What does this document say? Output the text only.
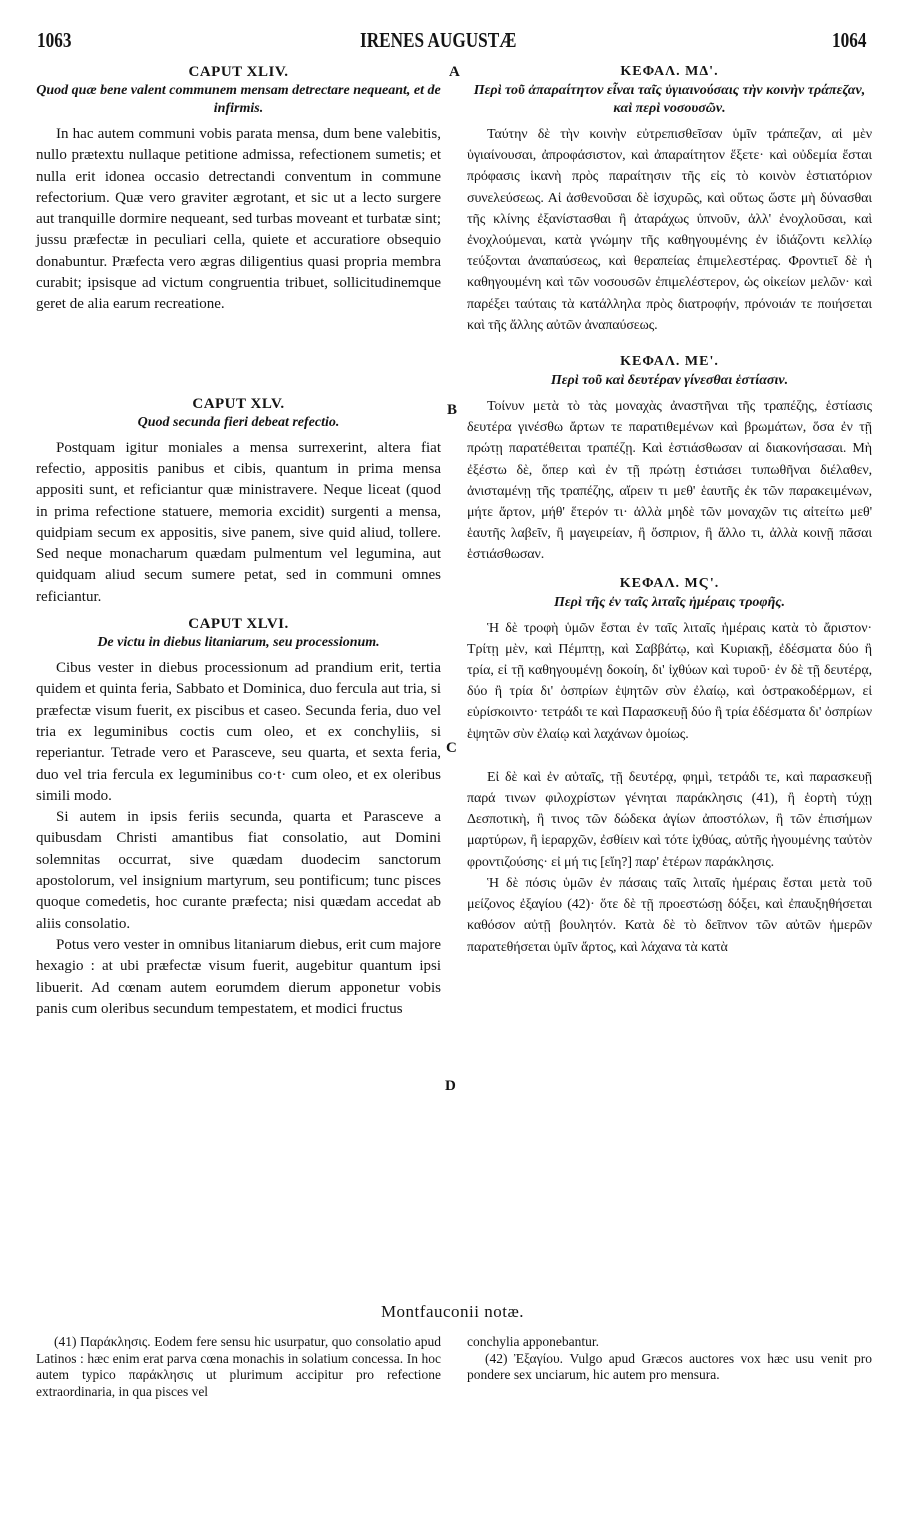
1063	IRENES AUGUSTÆ	1064

CAPUT XLIV.

Quod quæ bene valent communem mensam detrectare nequeant, et de infirmis.

In hac autem communi vobis parata mensa, dum bene valebitis, nullo prætextu nullaque petitione admissa, refectionem sumetis; et nulla erit idonea occasio detrectandi conventum in commune refectorium. Quæ vero graviter ægrotant, et sic ut a lecto surgere aut tranquille dormire nequeant, sed turbas moveant et turbatæ sint; jussu præfectæ in peculiari cella, quiete et accuratiore obsequio donabuntur. Præfecta vero ægras diligentius quasi propria membra curabit; ipsisque ad victum congruentia tribuet, sollicitudinemque geret de alia earum recreatione.

CAPUT XLV.

Quod secunda fieri debeat refectio.

Postquam igitur moniales a mensa surrexerint, altera fiat refectio, appositis panibus et cibis, quantum in prima mensa appositi sunt, et reficiantur quæ ministravere. Neque liceat (quod in prima refectione statuere, memoria excidit) surgenti a mensa, quidpiam secum ex appositis, sive panem, sive quid aliud, tollere. Sed neque monacharum quædam pulmentum vel legumina, aut quidquam aliud secum sumere petat, sed in communi omnes reficiantur.

CAPUT XLVI.

De victu in diebus litaniarum, seu processionum.

Cibus vester in diebus processionum ad prandium erit, tertia quidem et quinta feria, Sabbato et Dominica, duo fercula aut tria, si præfectæ visum fuerit, ex piscibus et caseo. Secunda feria, duo vel tria ex leguminibus coctis cum oleo, et ex conchyliis, si reperiantur. Tetrade vero et Parasceve, seu quarta, et sexta feria, duo vel tria fercula ex leguminibus co·t· cum oleo, et ex oleribus simili modo.

Si autem in ipsis feriis secunda, quarta et Parasceve a quibusdam Christi amantibus fiat consolatio, aut Domini solemnitas occurrat, sive quædam duodecim sanctorum apostolorum, vel insignium martyrum, seu pontificum; tunc pisces quoque comedetis, hoc curante præfecta; nisi quædam accedat ab aliis consolatio.

Potus vero vester in omnibus litaniarum diebus, erit cum majore hexagio : at ubi præfectæ visum fuerit, augebitur quantum ipsi libuerit. Ad cœnam autem eorumdem dierum apponetur vobis panis cum oleribus secundum tempestatem, et modici fructus

ΚΕΦΑΛ. ΜΔ'.

Περὶ τοῦ ἀπαραίτητον εἶναι ταῖς ὑγιαινούσαις τὴν κοινὴν τράπεζαν, καὶ περὶ νοσουσῶν.

Ταύτην δὲ τὴν κοινὴν εὐτρεπισθεῖσαν ὑμῖν τράπεζαν, αἱ μὲν ὑγιαίνουσαι, ἀπροφάσιστον, καὶ ἀπαραίτητον ἕξετε· καὶ οὐδεμία ἔσται πρόφασις ἱκανὴ πρὸς παραίτησιν τῆς εἰς τὸ κοινὸν ἑστιατόριον συνελεύσεως. Αἱ ἀσθενοῦσαι δὲ ἰσχυρῶς, καὶ οὕτως ὥστε μὴ δύνασθαι τῆς κλίνης ἐξανίστασθαι ἢ ἀταράχως ὑπνοῦν, ἀλλ' ἐνοχλοῦσαι, καὶ ἐνοχλούμεναι, κατὰ γνώμην τῆς καθηγουμένης ἐν ἰδιάζοντι κελλίῳ τεύξονται ἀναπαύσεως, καὶ θεραπείας ἐπιμελεστέρας. Φροντιεῖ δὲ ἡ καθηγουμένη καὶ τῶν νοσουσῶν ἐπιμελέστερον, ὡς οἰκείων μελῶν· καὶ παρέξει ταύταις τὰ κατάλληλα πρὸς διατροφήν, πρόνοιάν τε ποιήσεται καὶ τῆς ἄλλης αὐτῶν ἀναπαύσεως.

ΚΕΦΑΛ. ΜΕ'.

Περὶ τοῦ καὶ δευτέραν γίνεσθαι ἑστίασιν.

Τοίνυν μετὰ τὸ τὰς μοναχὰς ἀναστῆναι τῆς τραπέζης, ἑστίασις δευτέρα γινέσθω ἄρτων τε παρατιθεμένων καὶ βρωμάτων, ὅσα ἐν τῇ πρώτῃ παρατέθειται τραπέζῃ. Καὶ ἑστιάσθωσαν αἱ διακονήσασαι. Μὴ ἐξέστω δὲ, ὅπερ καὶ ἐν τῇ πρώτῃ ἑστιάσει τυπωθῆναι διέλαθεν, ἀνισταμένῃ τῆς τραπέζης, αἴρειν τι μεθ' ἑαυτῆς ἐκ τῶν παρακειμένων, μήτε ἄρτον, μήθ' ἕτερόν τι· ἀλλὰ μηδὲ τῶν μοναχῶν τις αἰτείτω μεθ' ἑαυτῆς λαβεῖν, ἢ μαγειρείαν, ἢ ὄσπριον, ἢ ἄλλο τι, ἀλλὰ κοινῇ πᾶσαι ἑστιάσθωσαν.

ΚΕΦΑΛ. ΜϚ'.

Περὶ τῆς ἐν ταῖς λιταῖς ἡμέραις τροφῆς.

Ἡ δὲ τροφὴ ὑμῶν ἔσται ἐν ταῖς λιταῖς ἡμέραις κατὰ τὸ ἄριστον· Τρίτῃ μὲν, καὶ Πέμπτῃ, καὶ Σαββάτῳ, καὶ Κυριακῇ, ἐδέσματα δύο ἢ τρία, εἰ τῇ καθηγουμένῃ δοκοίη, δι' ἰχθύων καὶ τυροῦ· ἐν δὲ τῇ δευτέρᾳ, δύο ἢ τρία δι' ὀσπρίων ἑψητῶν σὺν ἐλαίῳ, καὶ ὀστρακοδέρμων, εἰ εὑρίσκοιντο· τετράδι τε καὶ Παρασκευῇ δύο ἢ τρία ἐδέσματα δι' ὀσπρίων ἑψητῶν σὺν ἐλαίῳ καὶ λαχάνων ὁμοίως.

Εἰ δὲ καὶ ἐν αὐταῖς, τῇ δευτέρᾳ, φημὶ, τετράδι τε, καὶ παρασκευῇ παρά τινων φιλοχρίστων γένηται παράκλησις (41), ἢ ἑορτὴ τύχῃ Δεσποτικὴ, ἢ τινος τῶν δώδεκα ἁγίων ἀποστόλων, ἢ τῶν ἐπισήμων μαρτύρων, ἢ ἱεραρχῶν, ἐσθίειν καὶ τότε ἰχθύας, αὐτῆς ἡγουμένης ταὐτὸν φροντιζούσης· εἰ μή τις [εἴη?] παρ' ἑτέρων παράκλησις.

Ἡ δὲ πόσις ὑμῶν ἐν πάσαις ταῖς λιταῖς ἡμέραις ἔσται μετὰ τοῦ μείζονος ἐξαγίου (42)· ὅτε δὲ τῇ προεστώσῃ δόξει, καὶ ἐπαυξηθήσεται καθόσον αὐτῇ βουλητόν. Κατὰ δὲ τὸ δεῖπνον τῶν αὐτῶν ἡμερῶν παρατεθήσεται ὑμῖν ἄρτος, καὶ λάχανα τὰ κατὰ

A
B
C
D
Montfauconii notæ.

(41) Παράκλησις. Eodem fere sensu hic usurpatur, quo consolatio apud Latinos : hæc enim erat parva cœna monachis in solatium concessa. In hoc autem typico παράκλησις ut plurimum accipitur pro refectione extraordinaria, in qua pisces vel

conchylia apponebantur.

(42) Ἐξαγίου. Vulgo apud Græcos auctores vox hæc usu venit pro pondere sex unciarum, hic autem pro mensura.
